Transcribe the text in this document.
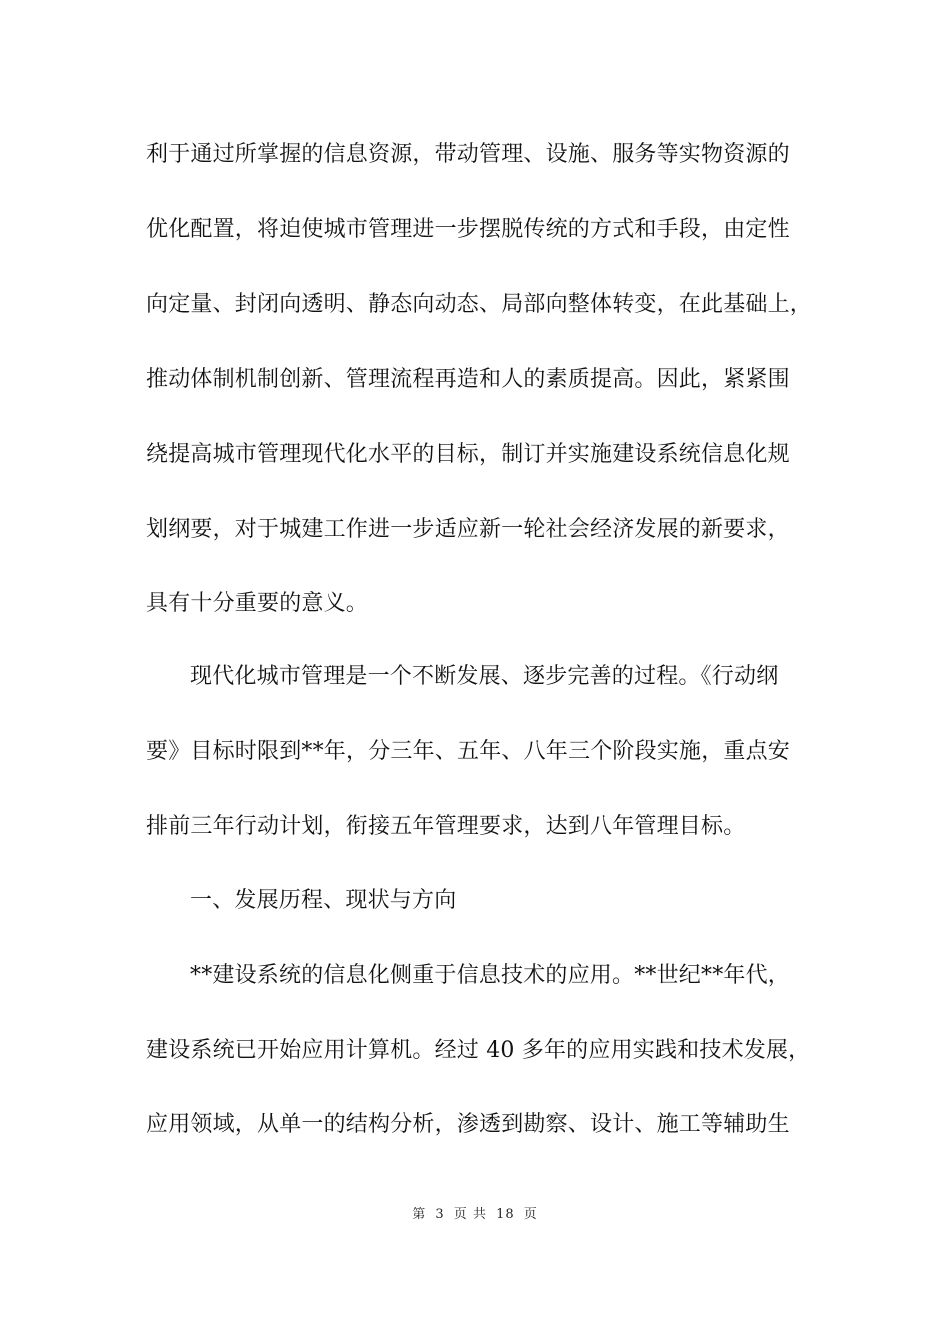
利于通过所掌握的信息资源，带动管理、设施、服务等实物资源的
优化配置，将迫使城市管理进一步摆脱传统的方式和手段，由定性
向定量、封闭向透明、静态向动态、局部向整体转变，在此基础上，
推动体制机制创新、管理流程再造和人的素质提高。因此，紧紧围
绕提高城市管理现代化水平的目标，制订并实施建设系统信息化规
划纲要，对于城建工作进一步适应新一轮社会经济发展的新要求，
具有十分重要的意义。
现代化城市管理是一个不断发展、逐步完善的过程。《行动纲
要》目标时限到**年，分三年、五年、八年三个阶段实施，重点安
排前三年行动计划，衔接五年管理要求，达到八年管理目标。
一、发展历程、现状与方向
**建设系统的信息化侧重于信息技术的应用。**世纪**年代，
建设系统已开始应用计算机。经过 40 多年的应用实践和技术发展，
应用领域，从单一的结构分析，渗透到勘察、设计、施工等辅助生
第 3 页 共 18 页
